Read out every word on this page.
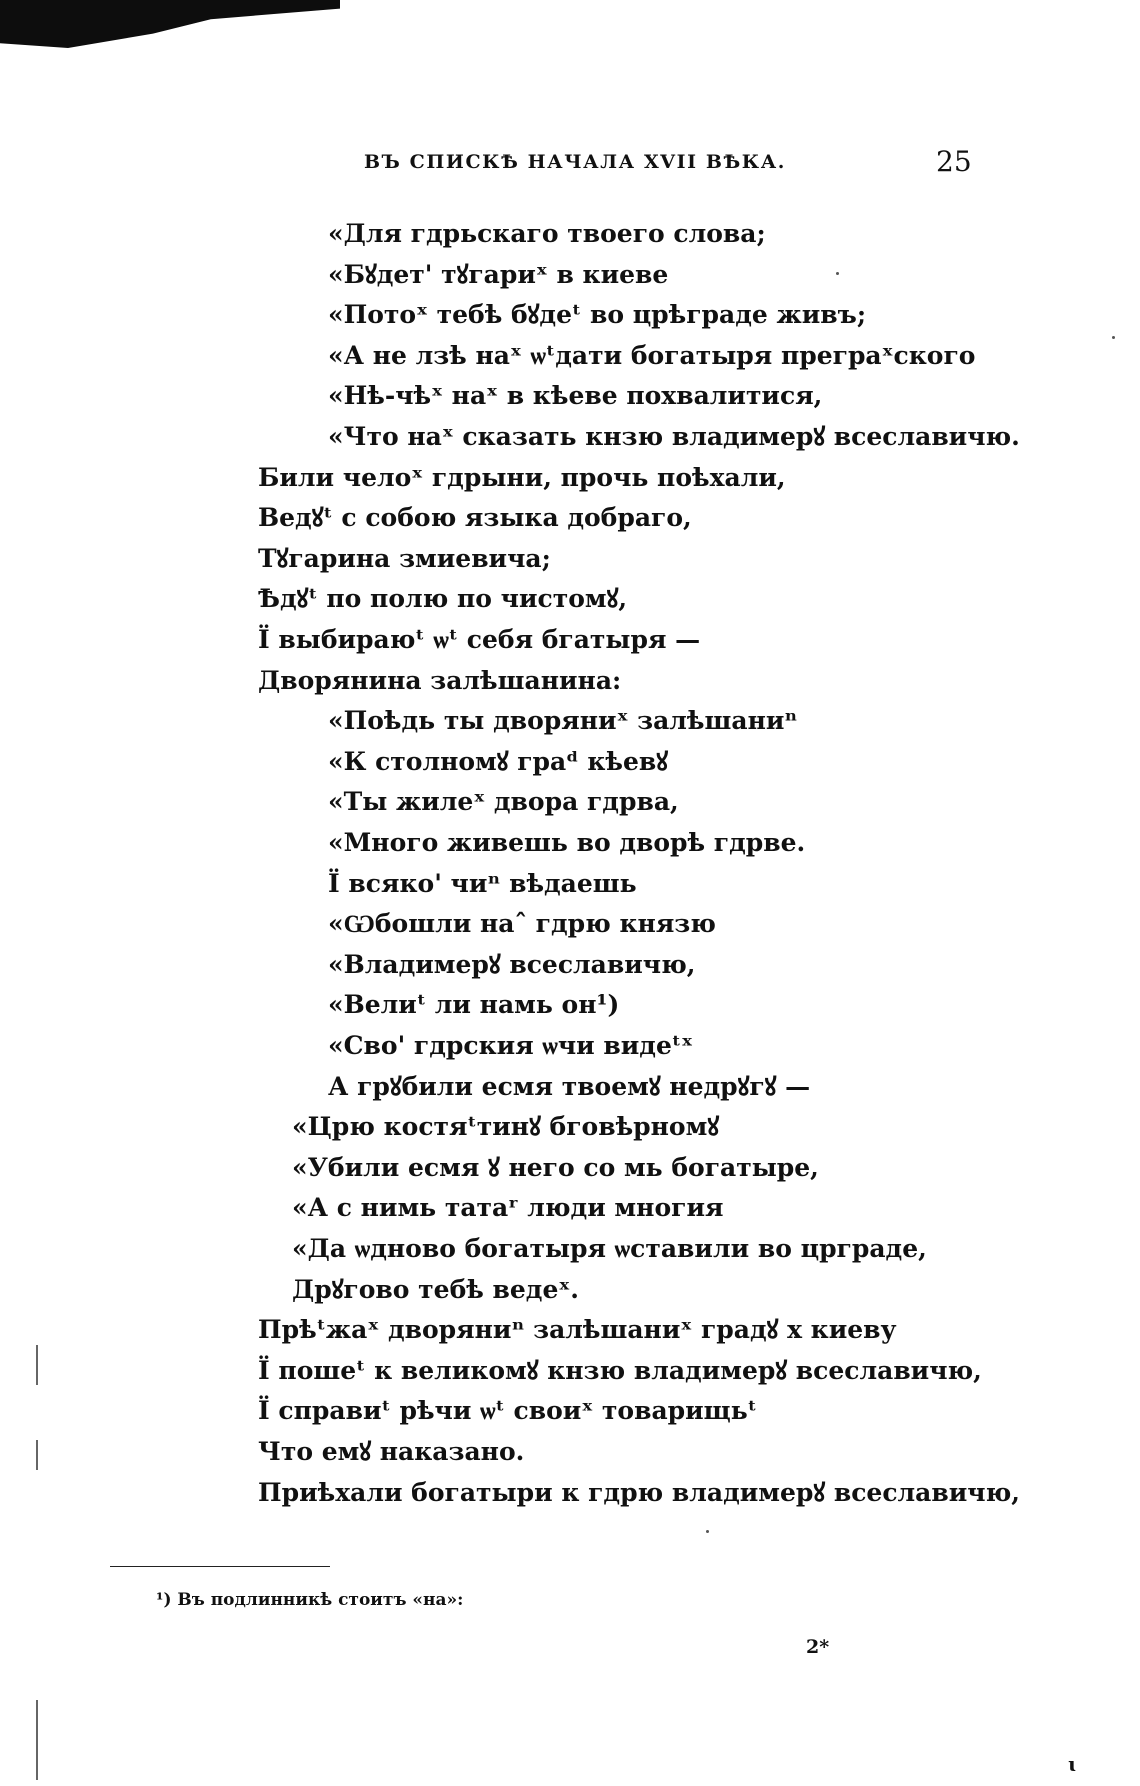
ВЪ СПИСКѢ НАЧАЛА XVII ВѢКА.	25
«Для гдрьскаго твоего слова;
«Бꙋдет' тꙋгариˣ в киеве
«Потоˣ тебѣ бꙋдеᵗ во црѣграде живъ;
«А не лзѣ наˣ ѡᵗдати богатыря преграˣского
«Нѣ-чѣˣ наˣ в кѣеве похвалитися,
«Что наˣ сказать кнзю владимерꙋ всеславичю.
Били челоˣ гдрыни, прочь поѣхали,
Ведꙋᵗ с собою языка добраго,
Тꙋгарина змиевича;
Ѣдꙋᵗ по полю по чистомꙋ,
Ї выбираюᵗ ѡᵗ себя бгатыря —
Дворянина залѣшанина:
«Поѣдь ты дворяниˣ залѣшаниⁿ
«К столномꙋ граᵈ кѣевꙋ
«Ты жилеˣ двора гдрва,
«Много живешь во дворѣ гдрве.
Ї всяко' чиⁿ вѣдаешь
«Ѡбошли наˆ гдрю князю
«Владимерꙋ всеславичю,
«Велиᵗ ли намь он¹)
«Сво' гдрския ѡчи видеᵗˣ
А грꙋбили есмя твоемꙋ недрꙋгꙋ —
«Црю костяᵗтинꙋ бговѣрномꙋ
«Убили есмя ꙋ него со мь богатыре,
«А с нимь татаʳ люди многия
«Да ѡдново богатыря ѡставили во црграде,
Дрꙋгово тебѣ ведеˣ.
Прѣᵗжаˣ дворяниⁿ залѣшаниˣ градꙋ х киеву
Ї пошеᵗ к великомꙋ кнзю владимерꙋ всеславичю,
Ї справиᵗ рѣчи ѡᵗ своиˣ товарищьᵗ
Что емꙋ наказано.
Приѣхали богатыри к гдрю владимерꙋ всеславичю,
¹) Въ подлинникѣ стоитъ «на»:
2*
ɩ
